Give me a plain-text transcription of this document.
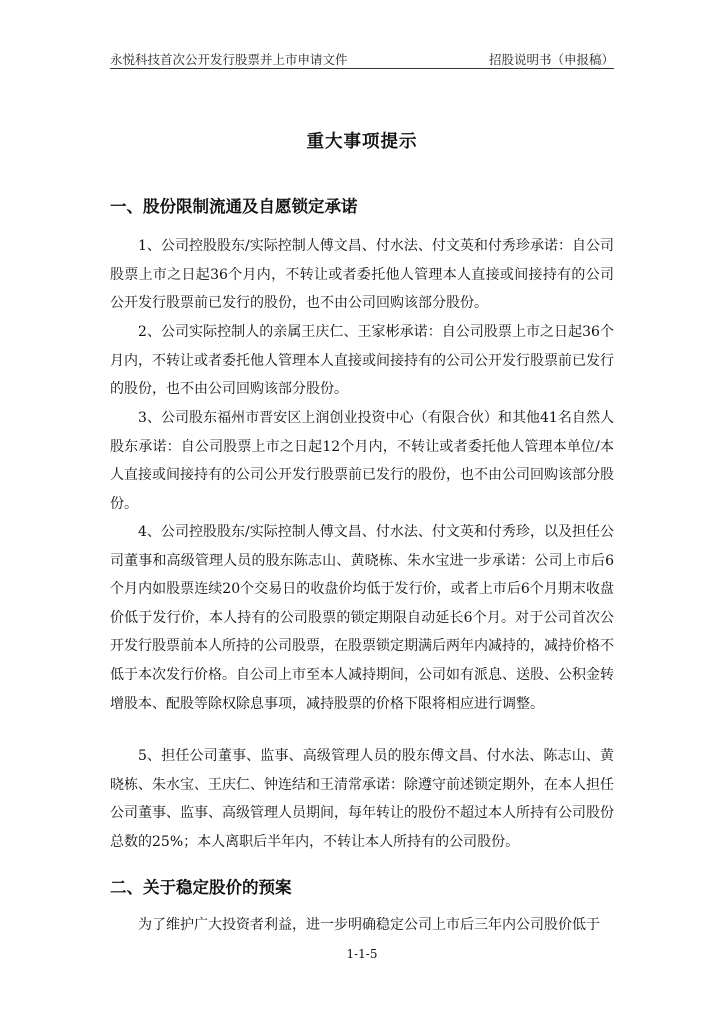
永悦科技首次公开发行股票并上市申请文件	招股说明书（申报稿）
重大事项提示
一、股份限制流通及自愿锁定承诺

1、公司控股股东/实际控制人傅文昌、付水法、付文英和付秀珍承诺：自公司股票上市之日起36个月内，不转让或者委托他人管理本人直接或间接持有的公司公开发行股票前已发行的股份，也不由公司回购该部分股份。

2、公司实际控制人的亲属王庆仁、王家彬承诺：自公司股票上市之日起36个月内，不转让或者委托他人管理本人直接或间接持有的公司公开发行股票前已发行的股份，也不由公司回购该部分股份。

3、公司股东福州市晋安区上润创业投资中心（有限合伙）和其他41名自然人股东承诺：自公司股票上市之日起12个月内，不转让或者委托他人管理本单位/本人直接或间接持有的公司公开发行股票前已发行的股份，也不由公司回购该部分股份。

4、公司控股股东/实际控制人傅文昌、付水法、付文英和付秀珍，以及担任公司董事和高级管理人员的股东陈志山、黄晓栋、朱水宝进一步承诺：公司上市后6个月内如股票连续20个交易日的收盘价均低于发行价，或者上市后6个月期末收盘价低于发行价，本人持有的公司股票的锁定期限自动延长6个月。对于公司首次公开发行股票前本人所持的公司股票，在股票锁定期满后两年内减持的，减持价格不低于本次发行价格。自公司上市至本人减持期间，公司如有派息、送股、公积金转增股本、配股等除权除息事项，减持股票的价格下限将相应进行调整。

5、担任公司董事、监事、高级管理人员的股东傅文昌、付水法、陈志山、黄晓栋、朱水宝、王庆仁、钟连结和王清常承诺：除遵守前述锁定期外，在本人担任公司董事、监事、高级管理人员期间，每年转让的股份不超过本人所持有公司股份总数的25%；本人离职后半年内，不转让本人所持有的公司股份。

二、关于稳定股价的预案

为了维护广大投资者利益，进一步明确稳定公司上市后三年内公司股价低于

1-1-5
